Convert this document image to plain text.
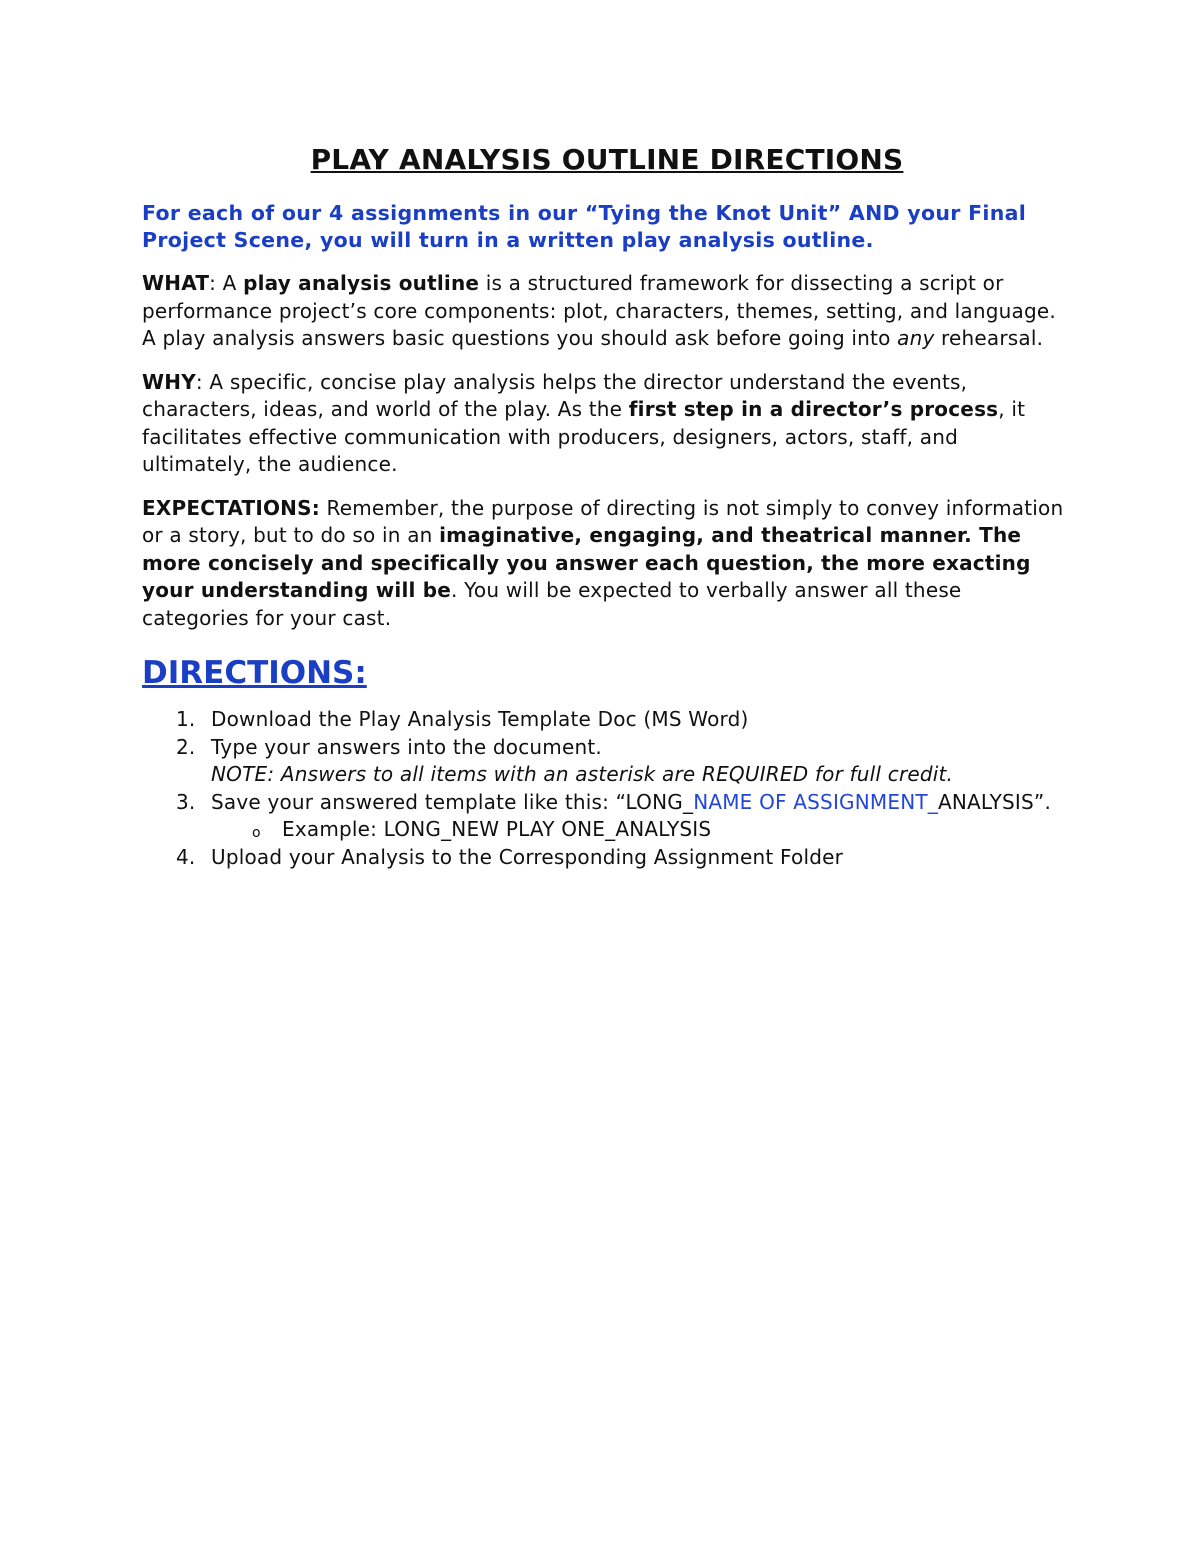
PLAY ANALYSIS OUTLINE DIRECTIONS

For each of our 4 assignments in our “Tying the Knot Unit” AND your Final Project Scene, you will turn in a written play analysis outline.

WHAT: A play analysis outline is a structured framework for dissecting a script or performance project’s core components: plot, characters, themes, setting, and language. A play analysis answers basic questions you should ask before going into any rehearsal.

WHY: A specific, concise play analysis helps the director understand the events, characters, ideas, and world of the play. As the first step in a director’s process, it facilitates effective communication with producers, designers, actors, staff, and ultimately, the audience.

EXPECTATIONS: Remember, the purpose of directing is not simply to convey information or a story, but to do so in an imaginative, engaging, and theatrical manner. The more concisely and specifically you answer each question, the more exacting your understanding will be. You will be expected to verbally answer all these categories for your cast.

DIRECTIONS:
1. Download the Play Analysis Template Doc (MS Word)
2. Type your answers into the document.
NOTE: Answers to all items with an asterisk are REQUIRED for full credit.
3. Save your answered template like this: “LONG_NAME OF ASSIGNMENT_ANALYSIS”.
o Example: LONG_NEW PLAY ONE_ANALYSIS
4. Upload your Analysis to the Corresponding Assignment Folder
